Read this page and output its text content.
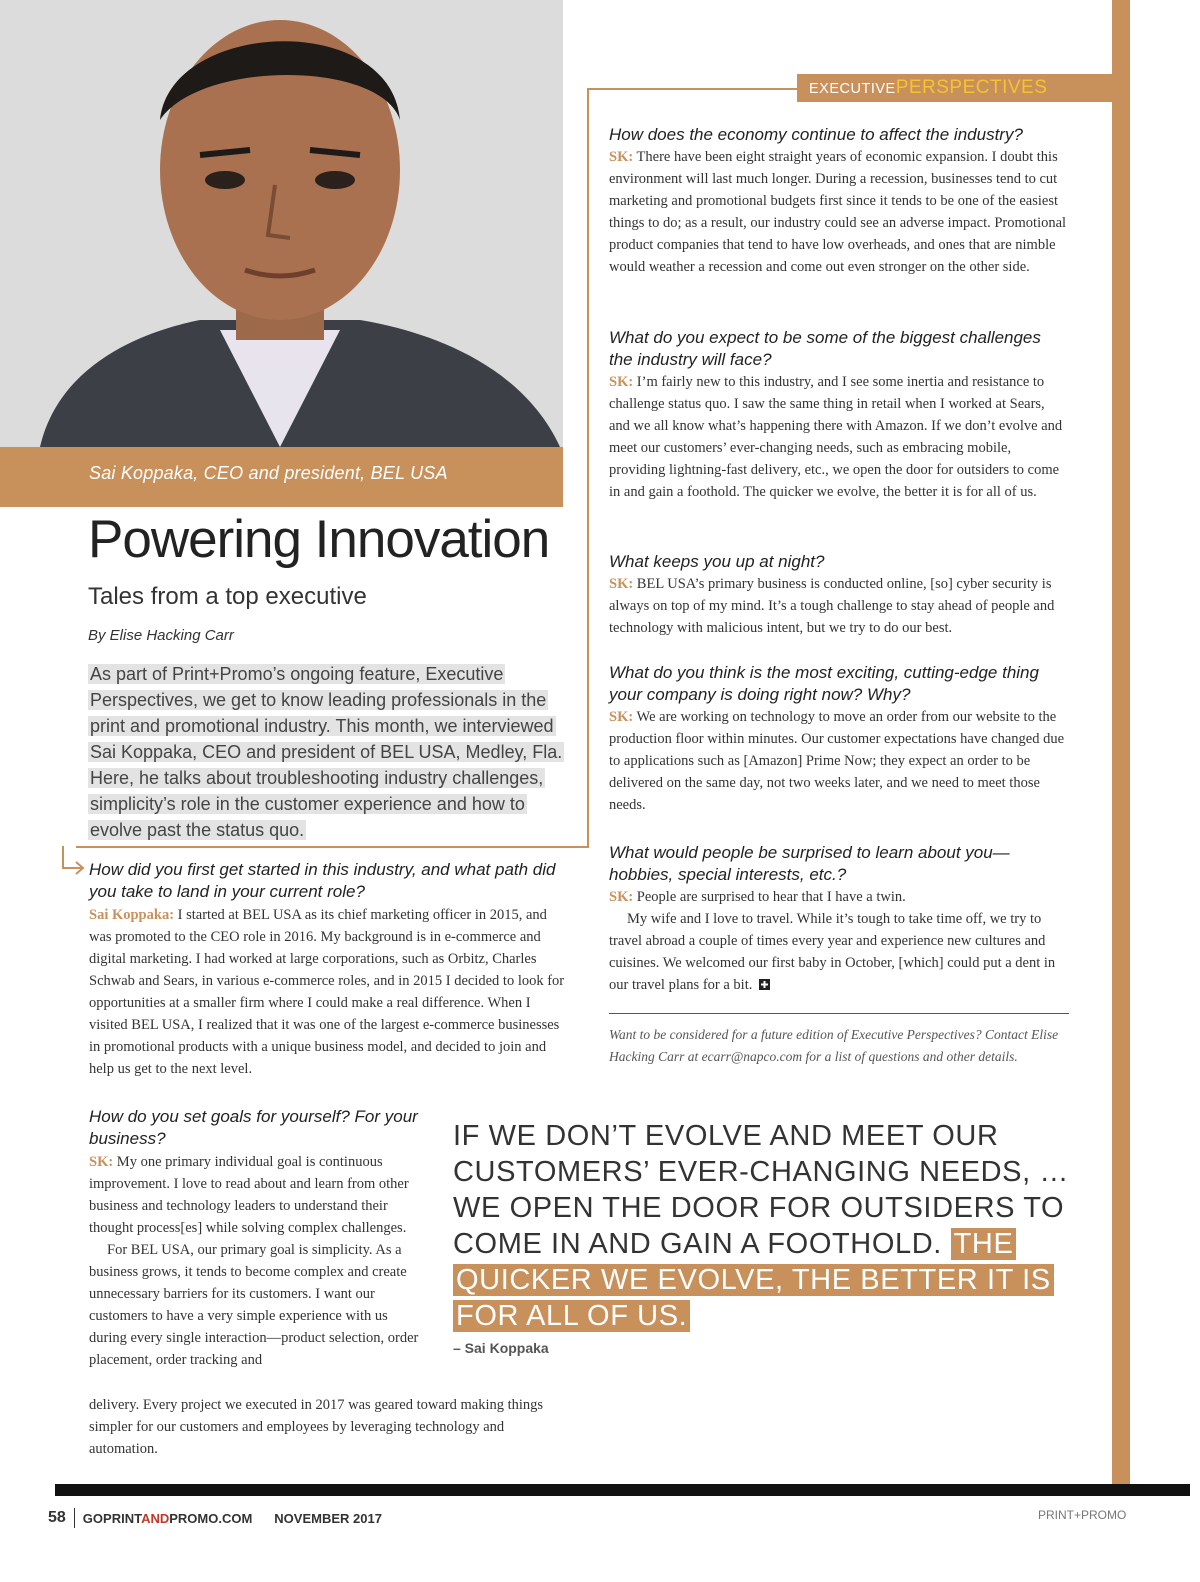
Sai Koppaka, CEO and president, BEL USA
EXECUTIVEPERSPECTIVES
Powering Innovation
Tales from a top executive
By Elise Hacking Carr
As part of Print+Promo’s ongoing feature, Executive Perspectives, we get to know leading professionals in the print and promotional industry. This month, we interviewed Sai Koppaka, CEO and president of BEL USA, Medley, Fla. Here, he talks about troubleshooting industry challenges, simplicity’s role in the customer experience and how to evolve past the status quo.
How did you first get started in this industry, and what path did you take to land in your current role?
Sai Koppaka: I started at BEL USA as its chief marketing officer in 2015, and was promoted to the CEO role in 2016. My background is in e-commerce and digital marketing. I had worked at large corporations, such as Orbitz, Charles Schwab and Sears, in various e-commerce roles, and in 2015 I decided to look for opportunities at a smaller firm where I could make a real difference. When I visited BEL USA, I realized that it was one of the largest e-commerce businesses in promotional products with a unique business model, and decided to join and help us get to the next level.
How do you set goals for yourself? For your business?
SK: My one primary individual goal is continuous improvement. I love to read about and learn from other business and technology leaders to understand their thought process[es] while solving complex challenges.
For BEL USA, our primary goal is simplicity. As a business grows, it tends to become complex and create unnecessary barriers for its customers. I want our customers to have a very simple experience with us during every single interaction—product selection, order placement, order tracking and
delivery. Every project we executed in 2017 was geared toward making things simpler for our customers and employees by leveraging technology and automation.
How does the economy continue to affect the industry?
SK: There have been eight straight years of economic expansion. I doubt this environment will last much longer. During a recession, businesses tend to cut marketing and promotional budgets first since it tends to be one of the easiest things to do; as a result, our industry could see an adverse impact. Promotional product companies that tend to have low overheads, and ones that are nimble would weather a recession and come out even stronger on the other side.
What do you expect to be some of the biggest challenges the industry will face?
SK: I’m fairly new to this industry, and I see some inertia and resistance to challenge status quo. I saw the same thing in retail when I worked at Sears, and we all know what’s happening there with Amazon. If we don’t evolve and meet our customers’ ever-changing needs, such as embracing mobile, providing lightning-fast delivery, etc., we open the door for outsiders to come in and gain a foothold. The quicker we evolve, the better it is for all of us.
What keeps you up at night?
SK: BEL USA’s primary business is conducted online, [so] cyber security is always on top of my mind. It’s a tough challenge to stay ahead of people and technology with malicious intent, but we try to do our best.
What do you think is the most exciting, cutting-edge thing your company is doing right now? Why?
SK: We are working on technology to move an order from our website to the production floor within minutes. Our customer expectations have changed due to applications such as [Amazon] Prime Now; they expect an order to be delivered on the same day, not two weeks later, and we need to meet those needs.
What would people be surprised to learn about you—hobbies, special interests, etc.?
SK: People are surprised to hear that I have a twin.
My wife and I love to travel. While it’s tough to take time off, we try to travel abroad a couple of times every year and experience new cultures and cuisines. We welcomed our first baby in October, [which] could put a dent in our travel plans for a bit.
Want to be considered for a future edition of Executive Perspectives? Contact Elise Hacking Carr at ecarr@napco.com for a list of questions and other details.
IF WE DON’T EVOLVE AND MEET OUR CUSTOMERS’ EVER-CHANGING NEEDS, … WE OPEN THE DOOR FOR OUTSIDERS TO COME IN AND GAIN A FOOTHOLD. THE QUICKER WE EVOLVE, THE BETTER IT IS FOR ALL OF US.
– Sai Koppaka
58 GOPRINTANDPROMO.COM NOVEMBER 2017	PRINT+PROMO
